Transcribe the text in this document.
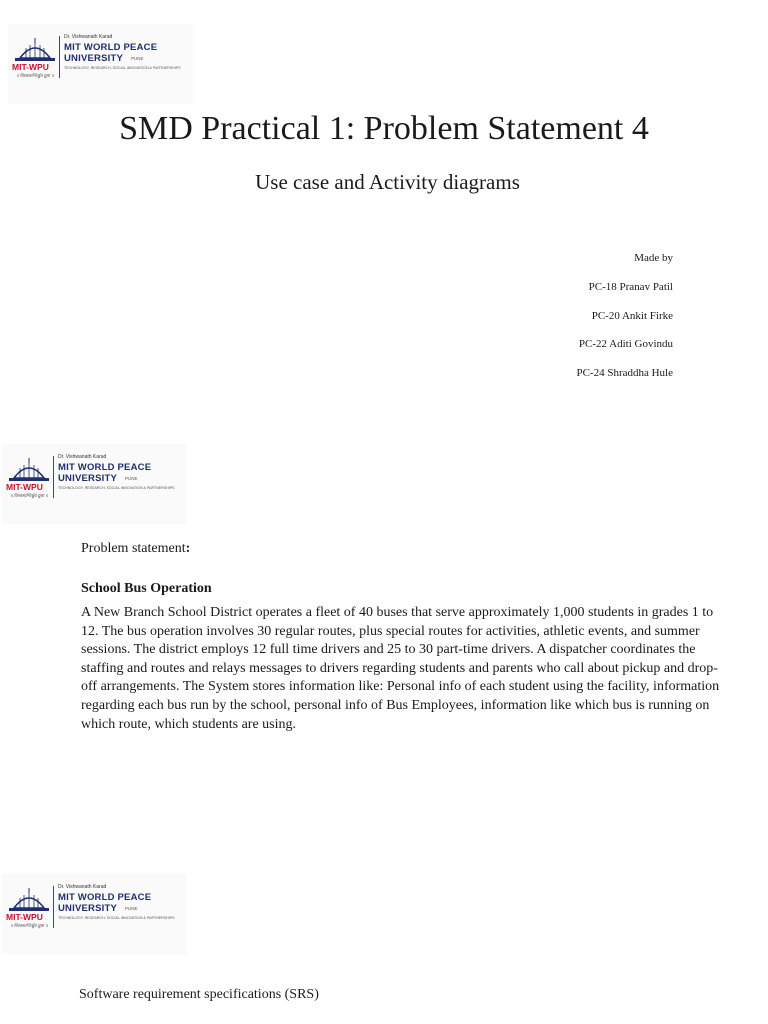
MIT-WPU
॥ विश्वशान्तिर्ध्रुवं ध्रुवा ॥
Dr. Vishwanath Karad
MIT WORLD PEACE
UNIVERSITY PUNE
TECHNOLOGY, RESEARCH, SOCIAL INNOVATION & PARTNERSHIPS
SMD Practical 1: Problem Statement 4
Use case and Activity diagrams
Made by
PC-18 Pranav Patil
PC-20 Ankit Firke
PC-22 Aditi Govindu
PC-24 Shraddha Hule
MIT-WPU
॥ विश्वशान्तिर्ध्रुवं ध्रुवा ॥
Dr. Vishwanath Karad
MIT WORLD PEACE
UNIVERSITY PUNE
TECHNOLOGY, RESEARCH, SOCIAL INNOVATION & PARTNERSHIPS
Problem statement:
School Bus Operation
A New Branch School District operates a fleet of 40 buses that serve approximately 1,000 students in grades 1 to 12. The bus operation involves 30 regular routes, plus special routes for activities, athletic events, and summer sessions. The district employs 12 full time drivers and 25 to 30 part-time drivers. A dispatcher coordinates the staffing and routes and relays messages to drivers regarding students and parents who call about pickup and drop-off arrangements. The System stores information like: Personal info of each student using the facility, information regarding each bus run by the school, personal info of Bus Employees, information like which bus is running on which route, which students are using.
MIT-WPU
॥ विश्वशान्तिर्ध्रुवं ध्रुवा ॥
Dr. Vishwanath Karad
MIT WORLD PEACE
UNIVERSITY PUNE
TECHNOLOGY, RESEARCH, SOCIAL INNOVATION & PARTNERSHIPS
Software requirement specifications (SRS)
